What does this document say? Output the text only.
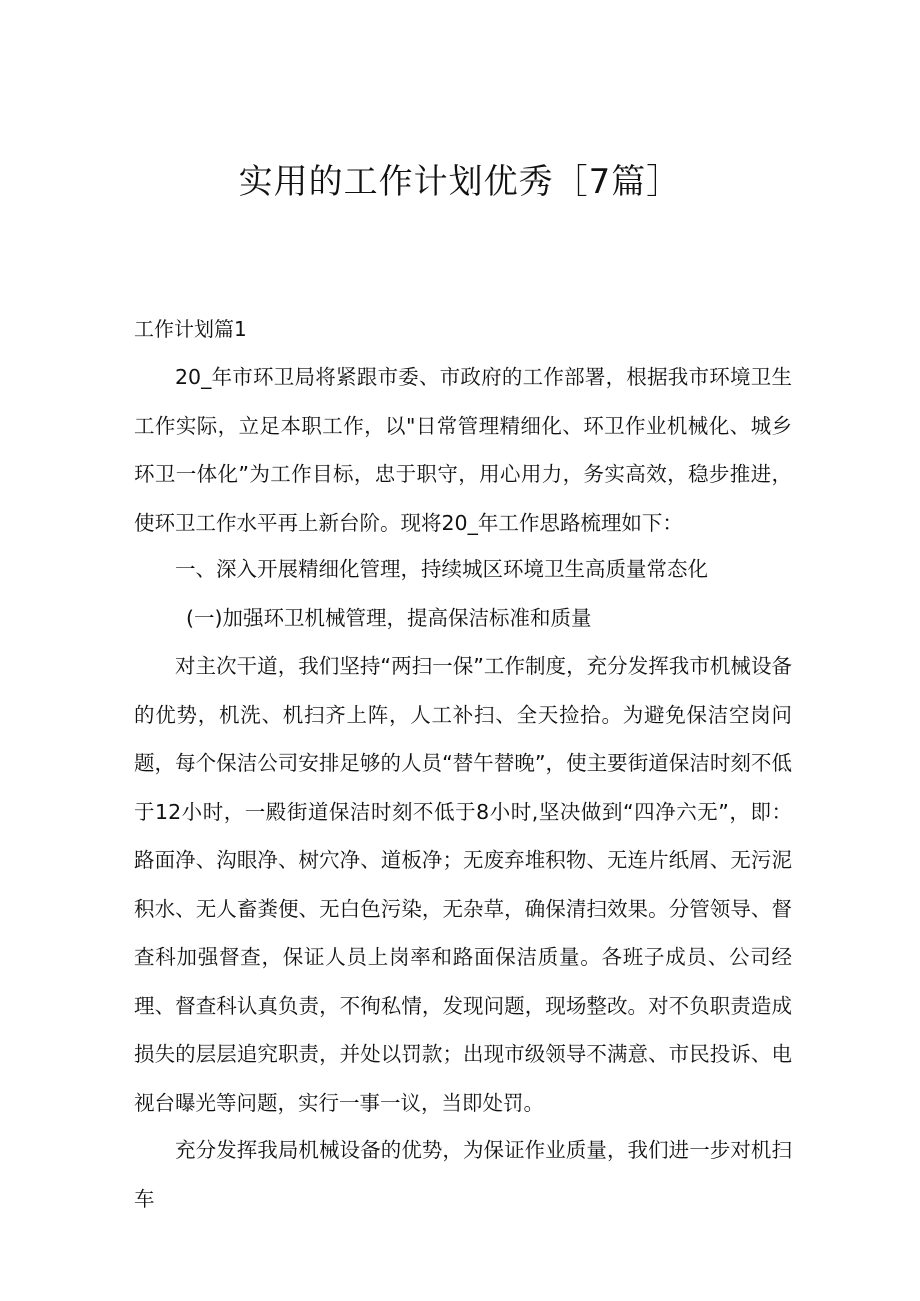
实用的工作计划优秀［7篇］
工作计划篇1

20_年市环卫局将紧跟市委、市政府的工作部署，根据我市环境卫生工作实际，立足本职工作，以"日常管理精细化、环卫作业机械化、城乡环卫一体化”为工作目标，忠于职守，用心用力，务实高效，稳步推进，使环卫工作水平再上新台阶。现将20_年工作思路梳理如下：

一、深入开展精细化管理，持续城区环境卫生高质量常态化

(一)加强环卫机械管理，提高保洁标准和质量

对主次干道，我们坚持“两扫一保”工作制度，充分发挥我市机械设备的优势，机洗、机扫齐上阵，人工补扫、全天捡拾。为避免保洁空岗问题，每个保洁公司安排足够的人员“替午替晚”，使主要街道保洁时刻不低于12小时，一殿街道保洁时刻不低于8小时,坚决做到“四净六无”，即：路面净、沟眼净、树穴净、道板净；无废弃堆积物、无连片纸屑、无污泥积水、无人畜粪便、无白色污染，无杂草，确保清扫效果。分管领导、督查科加强督查，保证人员上岗率和路面保洁质量。各班子成员、公司经理、督查科认真负责，不徇私情，发现问题，现场整改。对不负职责造成损失的层层追究职责，并处以罚款；出现市级领导不满意、市民投诉、电视台曝光等问题，实行一事一议，当即处罚。

充分发挥我局机械设备的优势，为保证作业质量，我们进一步对机扫车
